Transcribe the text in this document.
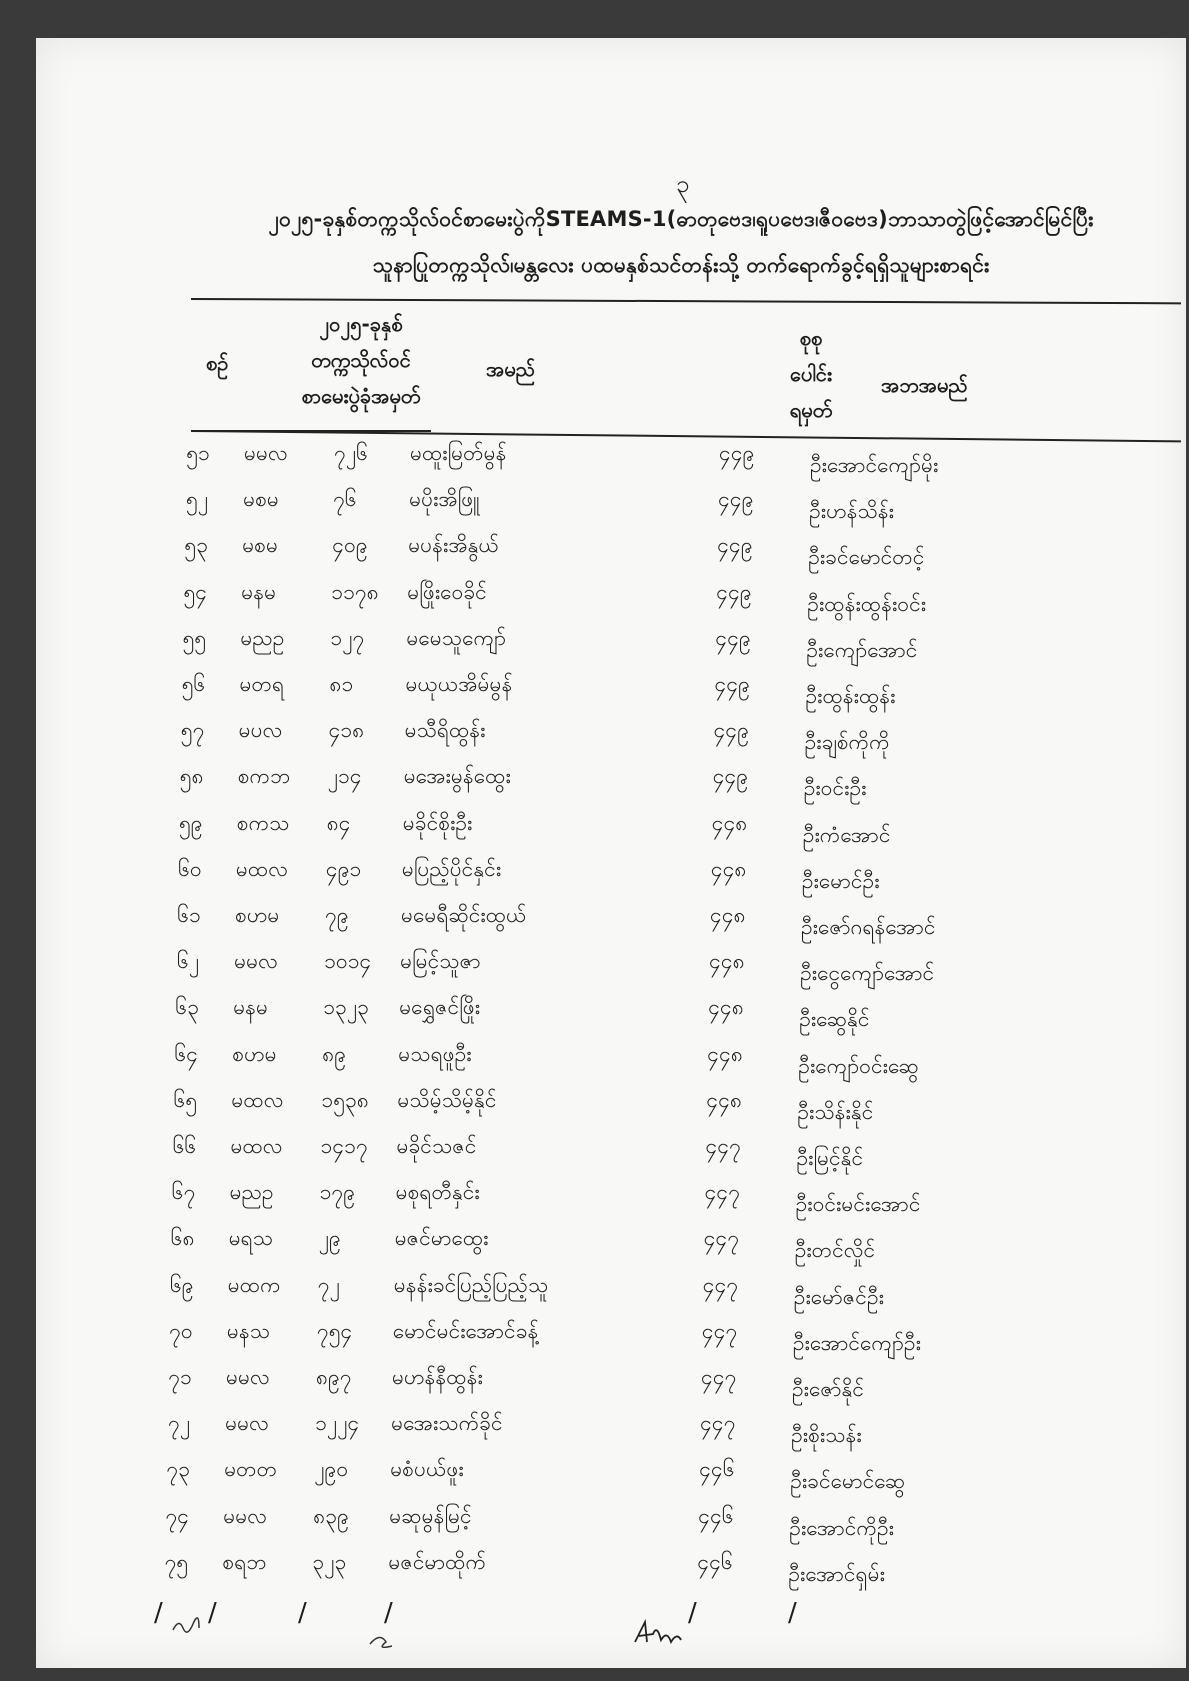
၃
၂၀၂၅-ခုနှစ်တက္ကသိုလ်ဝင်စာမေးပွဲကိုSTEAMS-1(ဓာတုဗေဒ၊ရူပဗေဒ၊ဇီဝဗေဒ)ဘာသာတွဲဖြင့်အောင်မြင်ပြီး
သူနာပြုတက္ကသိုလ်၊မန္တလေး ပထမနှစ်သင်တန်းသို့ တက်ရောက်ခွင့်ရရှိသူများစာရင်း
စဉ်
၂၀၂၅-ခုနှစ်
တက္ကသိုလ်ဝင်
စာမေးပွဲခုံအမှတ်
အမည်
စုစု
ပေါင်း
ရမှတ်
အဘအမည်
၅၁	မမလ ၇၂၆ မထူးမြတ်မွန်	၄၄၉	ဦးအောင်ကျော်မိုး
၅၂	မစမ	၇၆ မပိုးအိဖြူ	၄၄၉	ဦးဟန်သိန်း
၅၃	မစမ	၄၀၉ မပန်းအိနွယ်	၄၄၉	ဦးခင်မောင်တင့်
၅၄	မနမ	၁၁၇၈ မဖြိုးဝေခိုင်	၄၄၉	ဦးထွန်းထွန်းဝင်း
၅၅	မညဥ ၁၂၇ မမေသူကျော်	၄၄၉	ဦးကျော်အောင်
၅၆	မတရ ၈၁ မယုယအိမ်မွန်	၄၄၉	ဦးထွန်းထွန်း
၅၇	မပလ ၄၁၈ မသီရိထွန်း	၄၄၉	ဦးချစ်ကိုကို
၅၈	စကဘ ၂၁၄ မအေးမွန်ထွေး	၄၄၉	ဦးဝင်းဦး
၅၉	စကသ ၈၄ မခိုင်စိုးဦး	၄၄၈	ဦးကံအောင်
၆၀	မထလ ၄၉၁ မပြည့်ပိုင်နှင်း	၄၄၈	ဦးမောင်ဦး
၆၁	စဟမ ၇၉ မမေရီဆိုင်းထွယ်	၄၄၈	ဦးဇော်ဂရန်အောင်
၆၂	မမလ ၁၀၁၄ မမြင့်သူဇာ	၄၄၈	ဦးငွေကျော်အောင်
၆၃	မနမ	၁၃၂၃ မရွှေဇင်ဖြိုး	၄၄၈	ဦးဆွေနိုင်
၆၄	စဟမ ၈၉ မသရဖူဦး	၄၄၈	ဦးကျော်ဝင်းဆွေ
၆၅	မထလ ၁၅၃၈ မသိမ့်သိမ့်နိုင်	၄၄၈	ဦးသိန်းနိုင်
၆၆	မထလ ၁၄၁၇ မခိုင်သဇင်	၄၄၇	ဦးမြင့်နိုင်
၆၇	မညဥ ၁၇၉ မစုရတီနှင်း	၄၄၇	ဦးဝင်းမင်းအောင်
၆၈	မရသ ၂၉	မဇင်မာထွေး	၄၄၇	ဦးတင်လှိုင်
၆၉	မထက ၇၂	မနန်းခင်ပြည့်ပြည့်သူ	၄၄၇	ဦးမော်ဇင်ဦး
၇၀	မနသ ၇၅၄ မောင်မင်းအောင်ခန့်	၄၄၇	ဦးအောင်ကျော်ဦး
၇၁	မမလ ၈၉၇ မဟန်နီထွန်း	၄၄၇	ဦးဇော်နိုင်
၇၂	မမလ ၁၂၂၄ မအေးသက်ခိုင်	၄၄၇	ဦးစိုးသန်း
၇၃	မတတ ၂၉၀ မစံပယ်ဖူး	၄၄၆	ဦးခင်မောင်ဆွေ
၇၄	မမလ ၈၃၉ မဆုမွန်မြင့်	၄၄၆	ဦးအောင်ကိုဦး
၇၅	စရဘ ၃၂၃ မဇင်မာထိုက်	၄၄၆	ဦးအောင်ရှမ်း
/ /	/	/	/	/
